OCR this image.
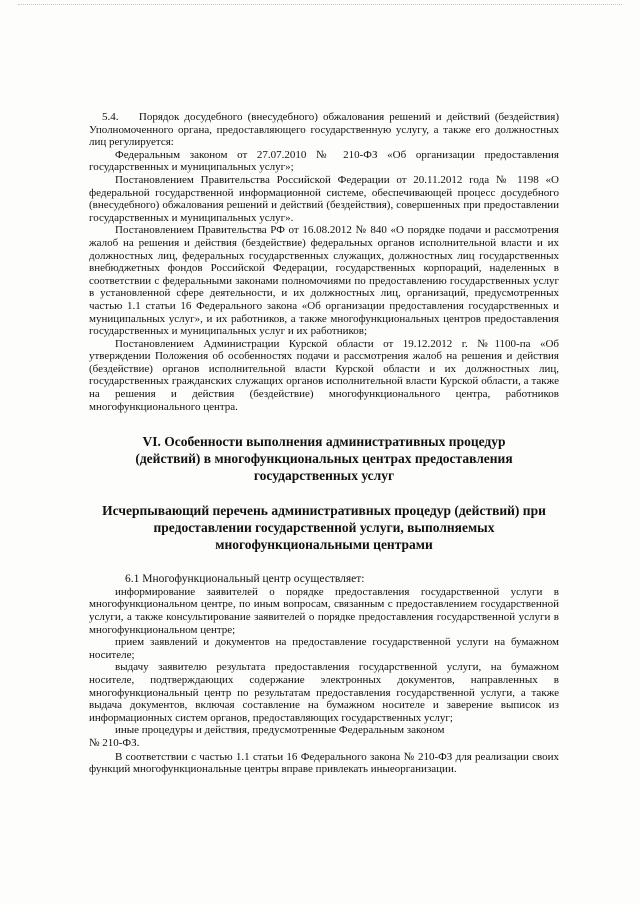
5.4.    Порядок досудебного (внесудебного) обжалования решений и действий (бездействия) Уполномоченного органа, предоставляющего государственную услугу, а также его должностных лиц регулируется:

Федеральным законом от 27.07.2010 № 210-ФЗ «Об организации предоставления государственных и муниципальных услуг»;

Постановлением Правительства Российской Федерации от 20.11.2012 года № 1198 «О федеральной государственной информационной системе, обеспечивающей процесс досудебного (внесудебного) обжалования решений и действий (бездействия), совершенных при предоставлении государственных и муниципальных услуг».

Постановлением Правительства РФ от 16.08.2012 № 840 «О порядке подачи и рассмотрения жалоб на решения и действия (бездействие) федеральных органов исполнительной власти и их должностных лиц, федеральных государственных служащих, должностных лиц государственных внебюджетных фондов Российской Федерации, государственных корпораций, наделенных в соответствии с федеральными законами полномочиями по предоставлению государственных услуг в установленной сфере деятельности, и их должностных лиц, организаций, предусмотренных частью 1.1 статьи 16 Федерального закона «Об организации предоставления государственных и муниципальных услуг», и их работников, а также многофункциональных центров предоставления государственных и муниципальных услуг и их работников;

Постановлением Администрации Курской области от 19.12.2012 г. №1100-па «Об утверждении Положения об особенностях подачи и рассмотрения жалоб на решения и действия (бездействие) органов исполнительной власти Курской области и их должностных лиц, государственных гражданских служащих органов исполнительной власти Курской области, а также на решения и действия (бездействие) многофункционального центра, работников многофункционального центра.

VI. Особенности выполнения административных процедур (действий) в многофункциональных центрах предоставления государственных услуг

Исчерпывающий перечень административных процедур (действий) при предоставлении государственной услуги, выполняемых многофункциональными центрами

6.1 Многофункциональный центр осуществляет:

информирование заявителей о порядке предоставления государственной услуги в многофункциональном центре, по иным вопросам, связанным с предоставлением государственной услуги, а также консультирование заявителей о порядке предоставления государственной услуги в многофункциональном центре;

прием заявлений и документов на предоставление государственной услуги на бумажном носителе;

выдачу заявителю результата предоставления государственной услуги, на бумажном носителе, подтверждающих содержание электронных документов, направленных в многофункциональный центр по результатам предоставления государственной услуги, а также выдача документов, включая составление на бумажном носителе и заверение выписок из информационных систем органов, предоставляющих государственных услуг;

иные процедуры и действия, предусмотренные Федеральным законом

№ 210-ФЗ.

В соответствии с частью 1.1 статьи 16 Федерального закона № 210-ФЗ для реализации своих функций многофункциональные центры вправе привлекать иныеорганизации.
